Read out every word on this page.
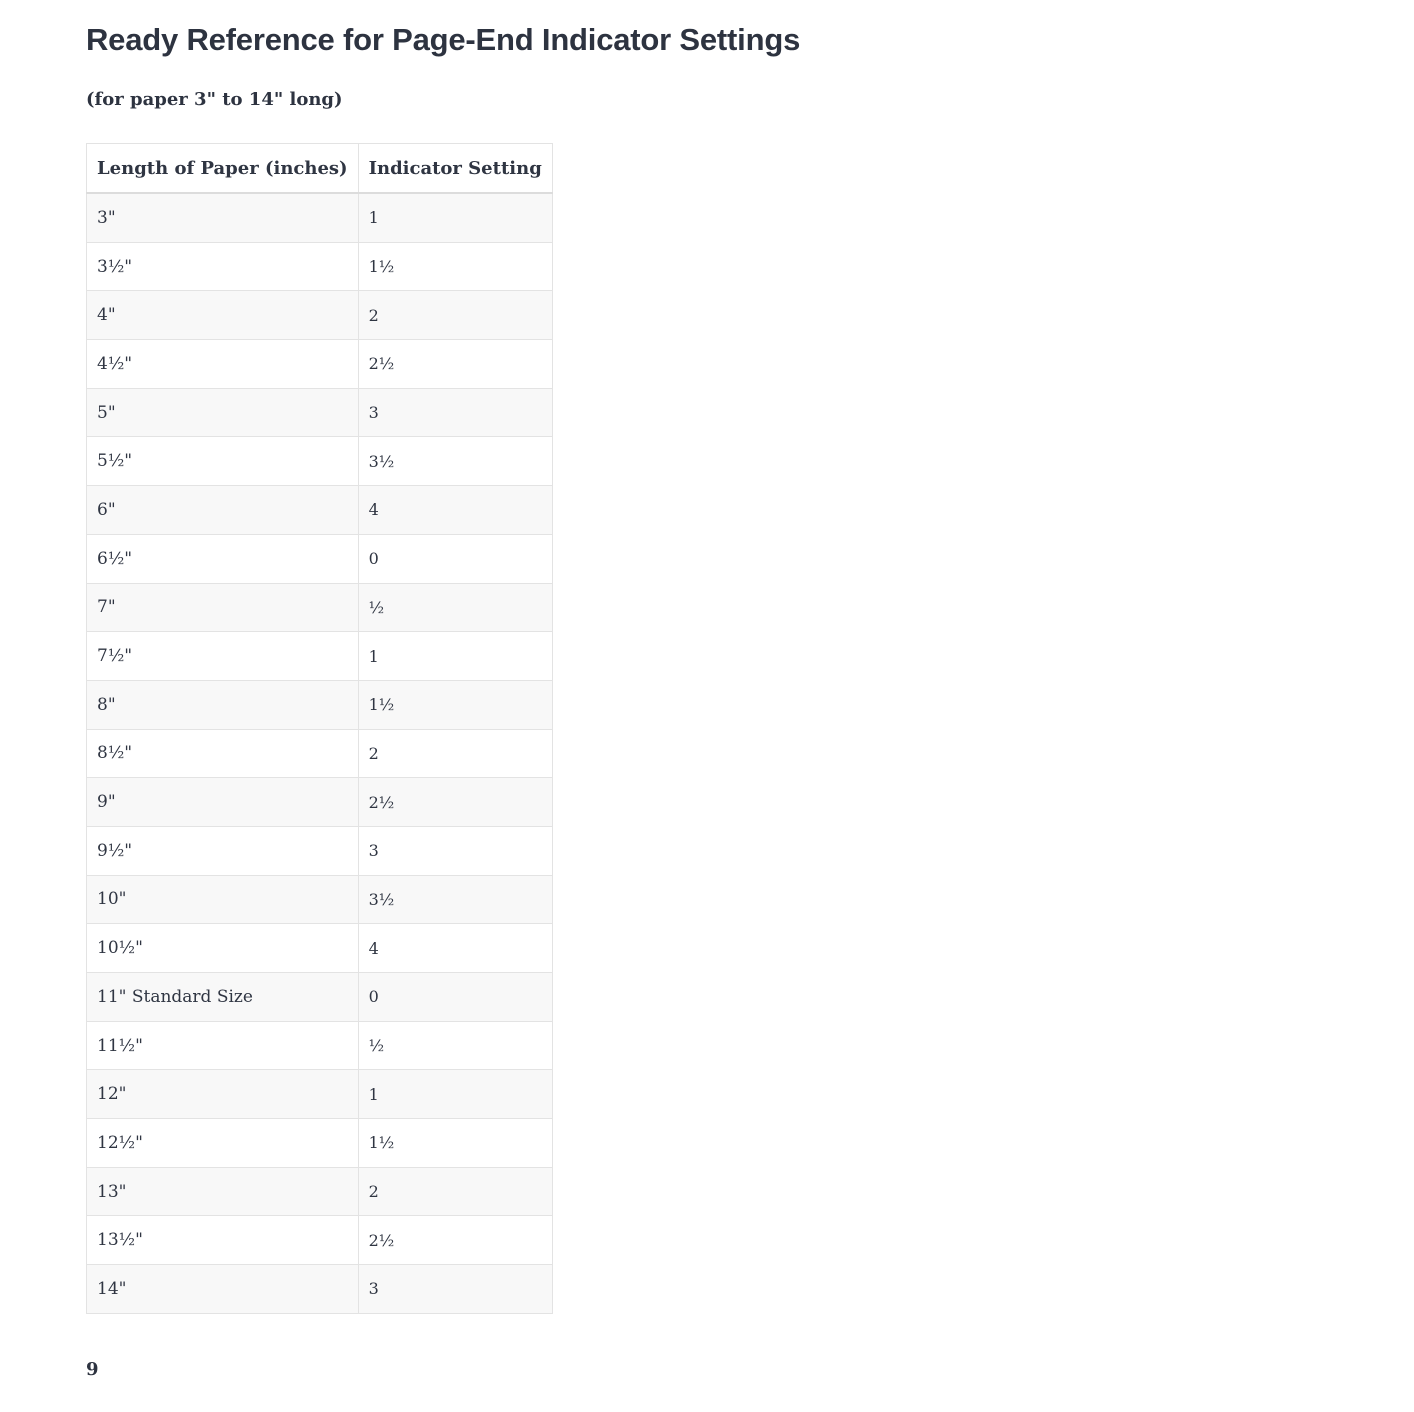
Ready Reference for Page-End Indicator Settings

(for paper 3" to 14" long)

Length of Paper (inches)	Indicator Setting
3"	1
3½"	1½
4"	2
4½"	2½
5"	3
5½"	3½
6"	4
6½"	0
7"	½
7½"	1
8"	1½
8½"	2
9"	2½
9½"	3
10"	3½
10½"	4
11" Standard Size	0
11½"	½
12"	1
12½"	1½
13"	2
13½"	2½
14"	3
9
